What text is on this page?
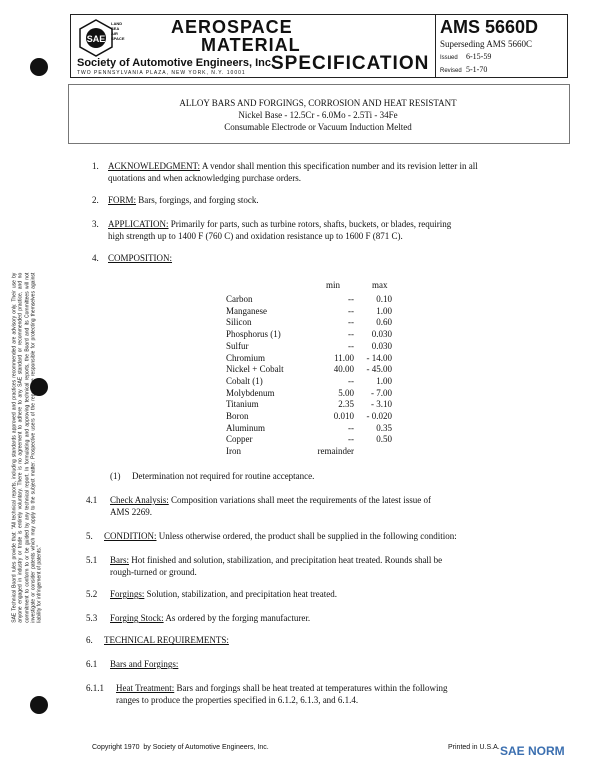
SAE
LAND
SEA
AIR
SPACE
AEROSPACE
MATERIAL
SPECIFICATION
Society of Automotive Engineers, Inc.
TWO PENNSYLVANIA PLAZA, NEW YORK, N.Y. 10001
AMS 5660D
Superseding AMS 5660C
Issued 6-15-59
Revised 5-1-70
ALLOY BARS AND FORGINGS, CORROSION AND HEAT RESISTANT
Nickel Base - 12.5Cr - 6.0Mo - 2.5Ti - 34Fe
Consumable Electrode or Vacuum Induction Melted
SAE Technical Board rules provide that: "All technical reports, including standards approved and practices recommended are advisory only. Their use by anyone engaged in industry or trade is entirely voluntary. There is no agreement to adhere to any SAE standard or recommended practice, and no commitment to conform to or be guided by any technical report. In formulating and approving technical reports, the Board and its Committees will not investigate or consider patents which may apply to the subject matter. Prospective users of the report are responsible for protecting themselves against liability for infringement of patents."
1. ACKNOWLEDGMENT: A vendor shall mention this specification number and its revision letter in all
quotations and when acknowledging purchase orders.
2. FORM: Bars, forgings, and forging stock.
3. APPLICATION: Primarily for parts, such as turbine rotors, shafts, buckets, or blades, requiring
high strength up to 1400 F (760 C) and oxidation resistance up to 1600 F (871 C).
4. COMPOSITION:
min	max
Carbon	--	0.10
Manganese	--	1.00
Silicon	--	0.60
Phosphorus (1)	--	0.030
Sulfur	--	0.030
Chromium	11.00	- 14.00
Nickel + Cobalt	40.00	- 45.00
Cobalt (1)	--	1.00
Molybdenum	5.00	- 7.00
Titanium	2.35	- 3.10
Boron	0.010	- 0.020
Aluminum	--	0.35
Copper	--	0.50
Iron	remainder
(1) Determination not required for routine acceptance.
4.1 Check Analysis: Composition variations shall meet the requirements of the latest issue of
AMS 2269.
5. CONDITION: Unless otherwise ordered, the product shall be supplied in the following condition:
5.1 Bars: Hot finished and solution, stabilization, and precipitation heat treated. Rounds shall be
rough-turned or ground.
5.2 Forgings: Solution, stabilization, and precipitation heat treated.
5.3 Forging Stock: As ordered by the forging manufacturer.
6. TECHNICAL REQUIREMENTS:
6.1 Bars and Forgings:
6.1.1 Heat Treatment: Bars and forgings shall be heat treated at temperatures within the following
ranges to produce the properties specified in 6.1.2, 6.1.3, and 6.1.4.
Copyright 1970 by Society of Automotive Engineers, Inc.	Printed in U.S.A. SAE NORM
